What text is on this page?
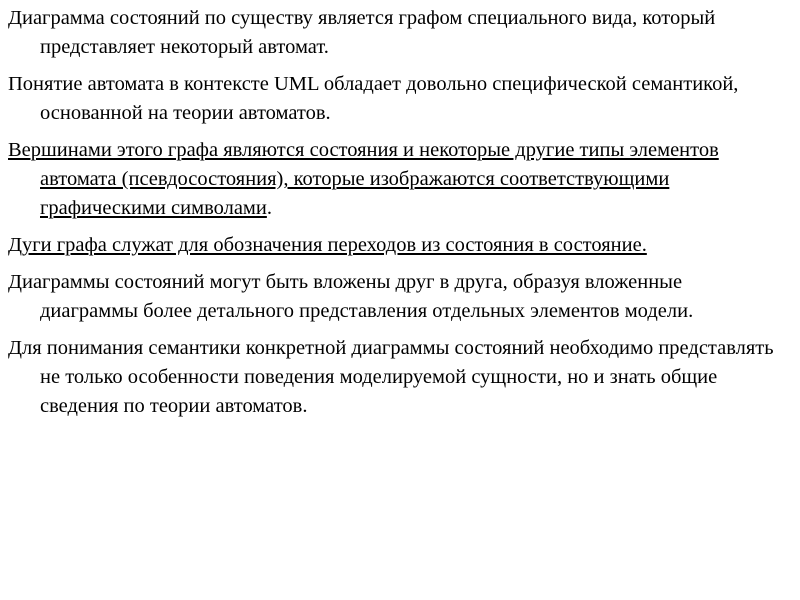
Диаграмма состояний по существу является графом специального вида, который представляет некоторый автомат.

Понятие автомата в контексте UML обладает довольно специфической семантикой, основанной на теории автоматов.

Вершинами этого графа являются состояния и некоторые другие типы элементов автомата (псевдосостояния), которые изображаются соответствующими графическими символами.

Дуги графа служат для обозначения переходов из состояния в состояние.

Диаграммы состояний могут быть вложены друг в друга, образуя вложенные диаграммы более детального представления отдельных элементов модели.

Для понимания семантики конкретной диаграммы состояний необходимо представлять не только особенности поведения моделируемой сущности, но и знать общие сведения по теории автоматов.
